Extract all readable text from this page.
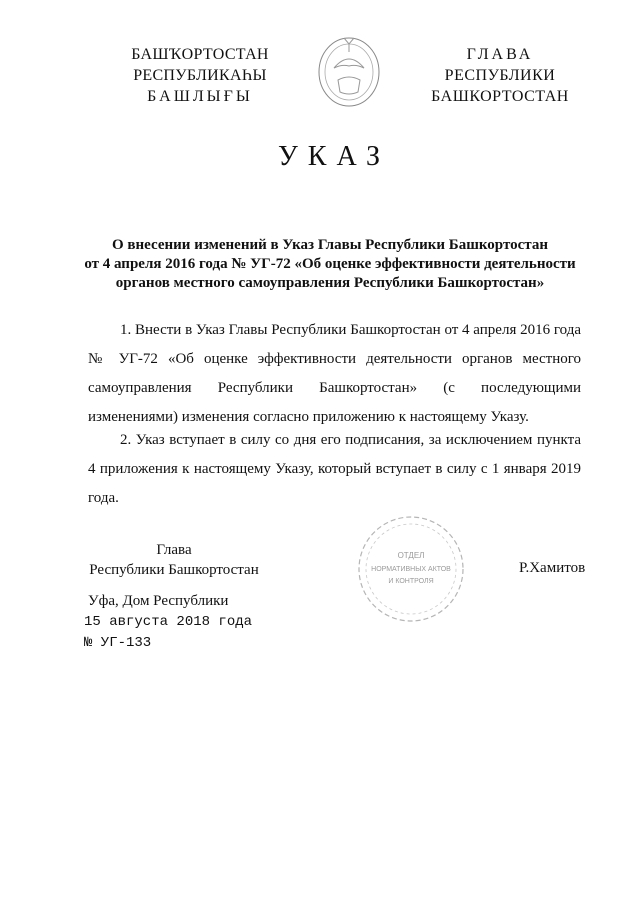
БАШҠОРТОСТАН
РЕСПУБЛИКАҺЫ
БАШЛЫҒЫ
ГЛАВА
РЕСПУБЛИКИ
БАШКОРТОСТАН
УКАЗ
О внесении изменений в Указ Главы Республики Башкортостан
от 4 апреля 2016 года № УГ-72 «Об оценке эффективности деятельности
органов местного самоуправления Республики Башкортостан»
1. Внести в Указ Главы Республики Башкортостан от 4 апреля 2016 года № УГ-72 «Об оценке эффективности деятельности органов местного самоуправления Республики Башкортостан» (с последующими изменениями) изменения согласно приложению к настоящему Указу.
2. Указ вступает в силу со дня его подписания, за исключением пункта 4 приложения к настоящему Указу, который вступает в силу с 1 января 2019 года.
Глава
Республики Башкортостан
ОТДЕЛ
НОРМАТИВНЫХ АКТОВ
И КОНТРОЛЯ
Р.Хамитов
Уфа, Дом Республики
15 августа 2018 года
№ УГ-133
